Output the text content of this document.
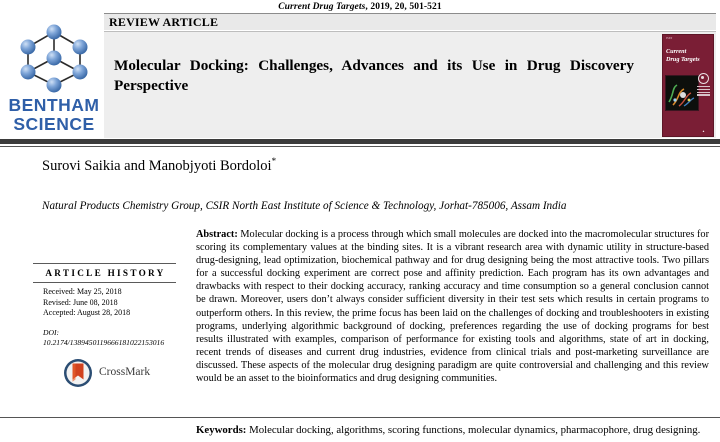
Current Drug Targets, 2019, 20, 501-521
BENTHAM
SCIENCE
REVIEW ARTICLE
Molecular Docking: Challenges, Advances and its Use in Drug Discovery Perspective
ISSN
Current
Drug Targets
▲
Surovi Saikia and Manobjyoti Bordoloi*
Natural Products Chemistry Group, CSIR North East Institute of Science & Technology, Jorhat-785006, Assam India
ARTICLE HISTORY
Received: May 25, 2018
Revised: June 08, 2018
Accepted: August 28, 2018
DOI:
10.2174/1389450119666181022153016
CrossMark
Abstract: Molecular docking is a process through which small molecules are docked into the macromolecular structures for scoring its complementary values at the binding sites. It is a vibrant research area with dynamic utility in structure-based drug-designing, lead optimization, biochemical pathway and for drug designing being the most attractive tools. Two pillars for a successful docking experiment are correct pose and affinity prediction. Each program has its own advantages and drawbacks with respect to their docking accuracy, ranking accuracy and time consumption so a general conclusion cannot be drawn. Moreover, users don’t always consider sufficient diversity in their test sets which results in certain programs to outperform others. In this review, the prime focus has been laid on the challenges of docking and troubleshooters in existing programs, underlying algorithmic background of docking, preferences regarding the use of docking programs for best results illustrated with examples, comparison of performance for existing tools and algorithms, state of art in docking, recent trends of diseases and current drug industries, evidence from clinical trials and post-marketing surveillance are discussed. These aspects of the molecular drug designing paradigm are quite controversial and challenging and this review would be an asset to the bioinformatics and drug designing communities.
Keywords: Molecular docking, algorithms, scoring functions, molecular dynamics, pharmacophore, drug designing.
